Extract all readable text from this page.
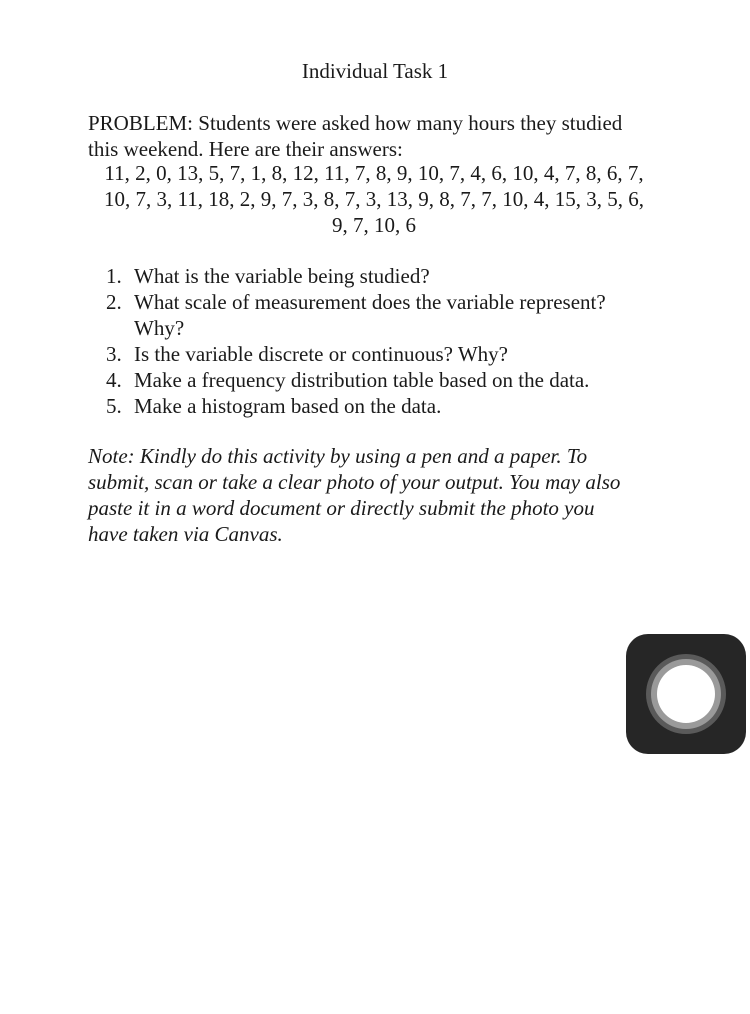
Individual Task 1
PROBLEM: Students were asked how many hours they studied
this weekend. Here are their answers:
11, 2, 0, 13, 5, 7, 1, 8, 12, 11, 7, 8, 9, 10, 7, 4, 6, 10, 4, 7, 8, 6, 7,
10, 7, 3, 11, 18, 2, 9, 7, 3, 8, 7, 3, 13, 9, 8, 7, 7, 10, 4, 15, 3, 5, 6,
9, 7, 10, 6
1. What is the variable being studied?
2. What scale of measurement does the variable represent?
Why?
3. Is the variable discrete or continuous? Why?
4. Make a frequency distribution table based on the data.
5. Make a histogram based on the data.
Note: Kindly do this activity by using a pen and a paper. To
submit, scan or take a clear photo of your output. You may also
paste it in a word document or directly submit the photo you
have taken via Canvas.
